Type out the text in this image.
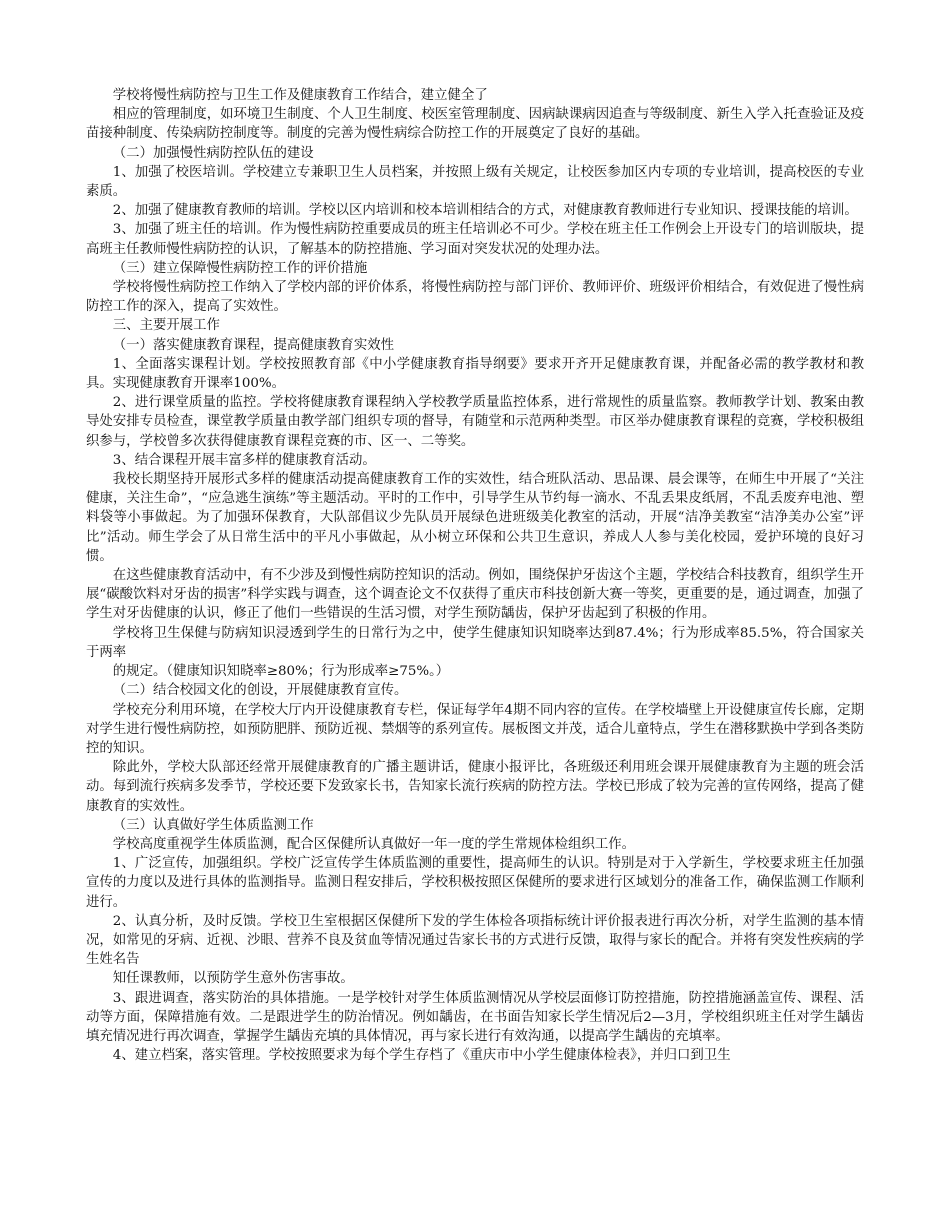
学校将慢性病防控与卫生工作及健康教育工作结合，建立健全了

相应的管理制度，如环境卫生制度、个人卫生制度、校医室管理制度、因病缺课病因追查与等级制度、新生入学入托查验证及疫苗接种制度、传染病防控制度等。制度的完善为慢性病综合防控工作的开展奠定了良好的基础。

（二）加强慢性病防控队伍的建设

1、加强了校医培训。学校建立专兼职卫生人员档案，并按照上级有关规定，让校医参加区内专项的专业培训，提高校医的专业素质。

2、加强了健康教育教师的培训。学校以区内培训和校本培训相结合的方式，对健康教育教师进行专业知识、授课技能的培训。

3、加强了班主任的培训。作为慢性病防控重要成员的班主任培训必不可少。学校在班主任工作例会上开设专门的培训版块，提高班主任教师慢性病防控的认识，了解基本的防控措施、学习面对突发状况的处理办法。

（三）建立保障慢性病防控工作的评价措施

学校将慢性病防控工作纳入了学校内部的评价体系，将慢性病防控与部门评价、教师评价、班级评价相结合，有效促进了慢性病防控工作的深入，提高了实效性。

三、主要开展工作

（一）落实健康教育课程，提高健康教育实效性

1、全面落实课程计划。学校按照教育部《中小学健康教育指导纲要》要求开齐开足健康教育课，并配备必需的教学教材和教具。实现健康教育开课率100%。

2、进行课堂质量的监控。学校将健康教育课程纳入学校教学质量监控体系，进行常规性的质量监察。教师教学计划、教案由教导处安排专员检查，课堂教学质量由教学部门组织专项的督导，有随堂和示范两种类型。市区举办健康教育课程的竞赛，学校积极组织参与，学校曾多次获得健康教育课程竞赛的市、区一、二等奖。

3、结合课程开展丰富多样的健康教育活动。

我校长期坚持开展形式多样的健康活动提高健康教育工作的实效性，结合班队活动、思品课、晨会课等，在师生中开展了“关注健康，关注生命”，“应急逃生演练”等主题活动。平时的工作中，引导学生从节约每一滴水、不乱丢果皮纸屑，不乱丢废弃电池、塑料袋等小事做起。为了加强环保教育，大队部倡议少先队员开展绿色进班级美化教室的活动，开展“洁净美教室“洁净美办公室”评比”活动。师生学会了从日常生活中的平凡小事做起，从小树立环保和公共卫生意识，养成人人参与美化校园，爱护环境的良好习惯。

在这些健康教育活动中，有不少涉及到慢性病防控知识的活动。例如，围绕保护牙齿这个主题，学校结合科技教育，组织学生开展“碳酸饮料对牙齿的损害”科学实践与调查，这个调查论文不仅获得了重庆市科技创新大赛一等奖，更重要的是，通过调查，加强了学生对牙齿健康的认识，修正了他们一些错误的生活习惯，对学生预防龋齿，保护牙齿起到了积极的作用。

学校将卫生保健与防病知识浸透到学生的日常行为之中，使学生健康知识知晓率达到87.4%；行为形成率85.5%，符合国家关于两率

的规定。（健康知识知晓率≥80%；行为形成率≥75%。）

（二）结合校园文化的创设，开展健康教育宣传。

学校充分利用环境，在学校大厅内开设健康教育专栏，保证每学年4期不同内容的宣传。在学校墙壁上开设健康宣传长廊，定期对学生进行慢性病防控，如预防肥胖、预防近视、禁烟等的系列宣传。展板图文并茂，适合儿童特点，学生在潜移默换中学到各类防控的知识。

除此外，学校大队部还经常开展健康教育的广播主题讲话，健康小报评比，各班级还利用班会课开展健康教育为主题的班会活动。每到流行疾病多发季节，学校还要下发致家长书，告知家长流行疾病的防控方法。学校已形成了较为完善的宣传网络，提高了健康教育的实效性。

（三）认真做好学生体质监测工作

学校高度重视学生体质监测，配合区保健所认真做好一年一度的学生常规体检组织工作。

1、广泛宣传，加强组织。学校广泛宣传学生体质监测的重要性，提高师生的认识。特别是对于入学新生，学校要求班主任加强宣传的力度以及进行具体的监测指导。监测日程安排后，学校积极按照区保健所的要求进行区域划分的准备工作，确保监测工作顺利进行。

2、认真分析，及时反馈。学校卫生室根据区保健所下发的学生体检各项指标统计评价报表进行再次分析，对学生监测的基本情况，如常见的牙病、近视、沙眼、营养不良及贫血等情况通过告家长书的方式进行反馈，取得与家长的配合。并将有突发性疾病的学生姓名告

知任课教师，以预防学生意外伤害事故。

3、跟进调查，落实防治的具体措施。一是学校针对学生体质监测情况从学校层面修订防控措施，防控措施涵盖宣传、课程、活动等方面，保障措施有效。二是跟进学生的防治情况。例如龋齿，在书面告知家长学生情况后2—3月，学校组织班主任对学生龋齿填充情况进行再次调查，掌握学生龋齿充填的具体情况，再与家长进行有效沟通，以提高学生龋齿的充填率。

4、建立档案，落实管理。学校按照要求为每个学生存档了《重庆市中小学生健康体检表》，并归口到卫生
